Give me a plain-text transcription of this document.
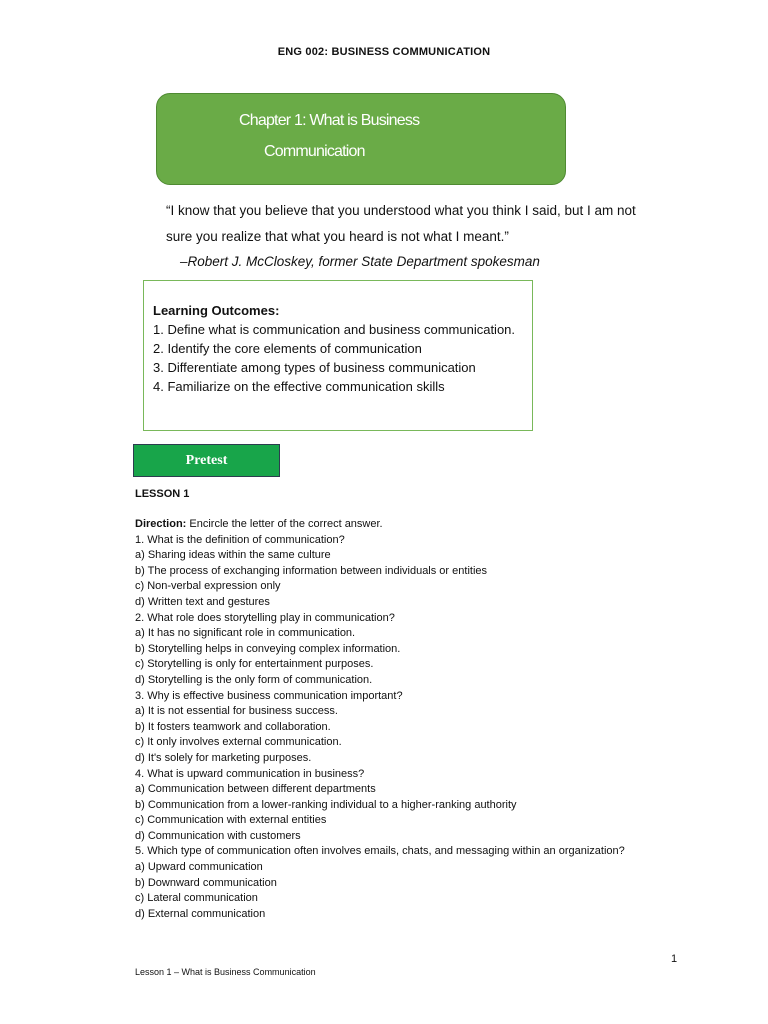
ENG 002: BUSINESS COMMUNICATION
Chapter 1: What is Business
Communication
“I know that you believe that you understood what you think I said, but I am not sure you realize that what you heard is not what I meant.”
–Robert J. McCloskey, former State Department spokesman
Learning Outcomes:
1. Define what is communication and business communication.
2. Identify the core elements of communication
3. Differentiate among types of business communication
4. Familiarize on the effective communication skills
Pretest
LESSON 1
Direction: Encircle the letter of the correct answer.
1. What is the definition of communication?
a) Sharing ideas within the same culture
b) The process of exchanging information between individuals or entities
c) Non-verbal expression only
d) Written text and gestures
2. What role does storytelling play in communication?
a) It has no significant role in communication.
b) Storytelling helps in conveying complex information.
c) Storytelling is only for entertainment purposes.
d) Storytelling is the only form of communication.
3. Why is effective business communication important?
a) It is not essential for business success.
b) It fosters teamwork and collaboration.
c) It only involves external communication.
d) It's solely for marketing purposes.
4. What is upward communication in business?
a) Communication between different departments
b) Communication from a lower-ranking individual to a higher-ranking authority
c) Communication with external entities
d) Communication with customers
5. Which type of communication often involves emails, chats, and messaging within an organization?
a) Upward communication
b) Downward communication
c) Lateral communication
d) External communication
1
Lesson 1 – What is Business Communication
